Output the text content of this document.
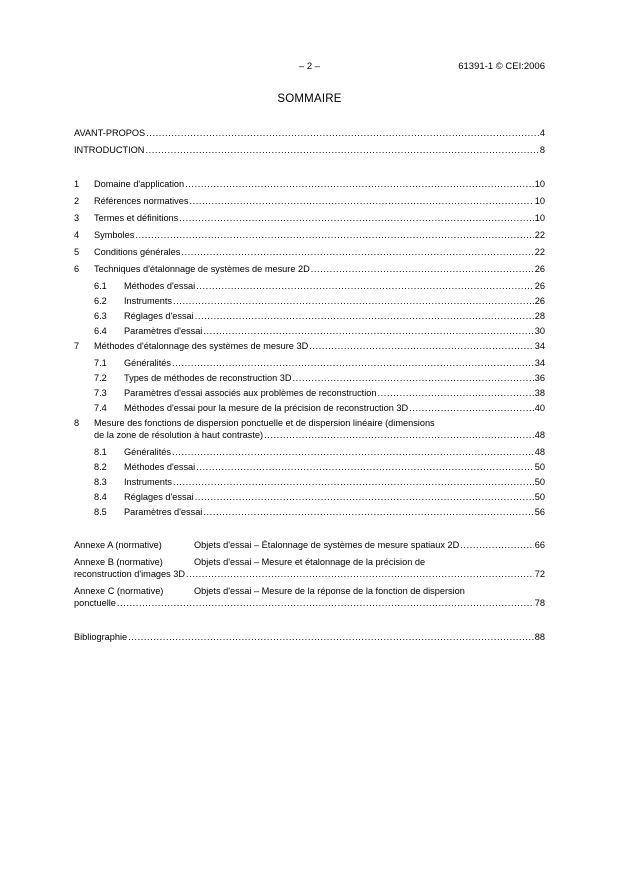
– 2 –	61391-1 © CEI:2006
SOMMAIRE
AVANT-PROPOS .....	4
INTRODUCTION .....	8
1	Domaine d'application .....	10
2	Références normatives .....	10
3	Termes et définitions .....	10
4	Symboles .....	22
5	Conditions générales .....	22
6	Techniques d'étalonnage de systèmes de mesure 2D .....	26
6.1	Méthodes d'essai .....	26
6.2	Instruments .....	26
6.3	Réglages d'essai .....	28
6.4	Paramètres d'essai .....	30
7	Méthodes d'étalonnage des systèmes de mesure 3D .....	34
7.1	Généralités .....	34
7.2	Types de méthodes de reconstruction 3D .....	36
7.3	Paramètres d'essai associés aux problèmes de reconstruction .....	38
7.4	Méthodes d'essai pour la mesure de la précision de reconstruction 3D .....	40
8	Mesure des fonctions de dispersion ponctuelle et de dispersion linéaire (dimensions
de la zone de résolution à haut contraste) .....	48
8.1	Généralités .....	48
8.2	Méthodes d'essai .....	50
8.3	Instruments .....	50
8.4	Réglages d'essai .....	50
8.5	Paramètres d'essai .....	56
Annexe A (normative)	Objets d'essai – Étalonnage de systèmes de mesure spatiaux 2D .....	66
Annexe B (normative)	Objets d'essai – Mesure et étalonnage de la précision de
reconstruction d'images 3D .....	72
Annexe C (normative)	Objets d'essai – Mesure de la réponse de la fonction de dispersion
ponctuelle .....	78
Bibliographie .....	88
